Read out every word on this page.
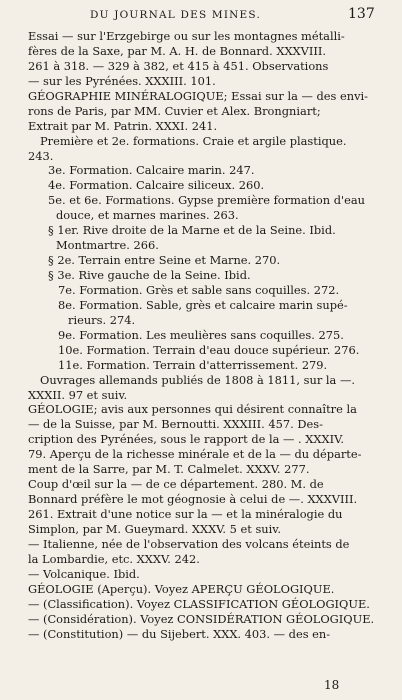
DU JOURNAL DES MINES.	137
Essai — sur l'Erzgebirge ou sur les montagnes métalli-
fères de la Saxe, par M. A. H. de Bonnard. XXXVIII.
261 à 318. — 329 à 382, et 415 à 451. Observations
— sur les Pyrénées. XXXIII. 101.
GÉOGRAPHIE MINÉRALOGIQUE; Essai sur la — des envi-
rons de Paris, par MM. Cuvier et Alex. Brongniart;
Extrait par M. Patrin. XXXI. 241.
Première et 2e. formations. Craie et argile plastique.
243.
3e. Formation. Calcaire marin. 247.
4e. Formation. Calcaire siliceux. 260.
5e. et 6e. Formations. Gypse première formation d'eau
douce, et marnes marines. 263.
§ 1er. Rive droite de la Marne et de la Seine. Ibid.
Montmartre. 266.
§ 2e. Terrain entre Seine et Marne. 270.
§ 3e. Rive gauche de la Seine. Ibid.
7e. Formation. Grès et sable sans coquilles. 272.
8e. Formation. Sable, grès et calcaire marin supé-
rieurs. 274.
9e. Formation. Les meulières sans coquilles. 275.
10e. Formation. Terrain d'eau douce supérieur. 276.
11e. Formation. Terrain d'atterrissement. 279.
Ouvrages allemands publiés de 1808 à 1811, sur la —.
XXXII. 97 et suiv.
GÉOLOGIE; avis aux personnes qui désirent connaître la
— de la Suisse, par M. Bernoutti. XXXIII. 457. Des-
cription des Pyrénées, sous le rapport de la — . XXXIV.
79. Aperçu de la richesse minérale et de la — du départe-
ment de la Sarre, par M. T. Calmelet. XXXV. 277.
Coup d'œil sur la — de ce département. 280. M. de
Bonnard préfère le mot géognosie à celui de —. XXXVIII.
261. Extrait d'une notice sur la — et la minéralogie du
Simplon, par M. Gueymard. XXXV. 5 et suiv.
— Italienne, née de l'observation des volcans éteints de
la Lombardie, etc. XXXV. 242.
— Volcanique. Ibid.
GÉOLOGIE (Aperçu). Voyez APERÇU GÉOLOGIQUE.
— (Classification). Voyez CLASSIFICATION GÉOLOGIQUE.
— (Considération). Voyez CONSIDÉRATION GÉOLOGIQUE.
— (Constitution) — du Sijebert. XXX. 403. — des en-
18
